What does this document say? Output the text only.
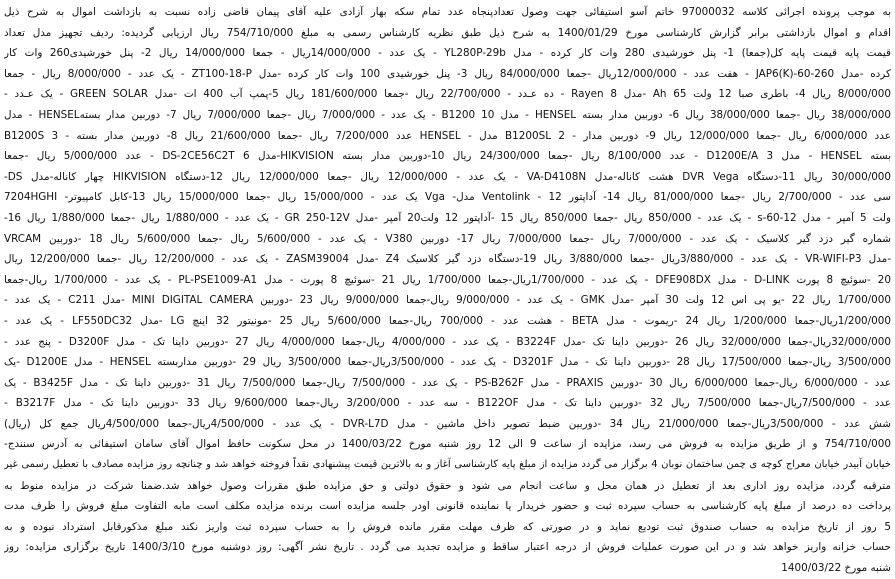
به موجب پرونده اجرائی کلاسه 97000032 خاتم آسو استیفائی جهت وصول تعدادپنجاه عدد تمام سکه بهار آزادی علیه آقای پیمان قاضی زاده نسبت به بازداشت اموال به شرح ذیل
اقدام و اموال بازداشتی برابر گزارش کارشناسی مورخ 1400/01/29 به شرح ذیل طبق نظریه کارشناس رسمی به مبلغ 754/710/000 ریال ارزیابی گردیده: ردیف تجهیز مدل تعداد
قیمت پایه قیمت پایه کل(جمعا) 1- پنل خورشیدی 280 وات کار کرده - مدل YL280P-29b - یک عدد - 14/000/000ریال - جمعا 14/000/000 ریال 2- پنل خورشیدی260 وات کار
کرده -مدل JAP6(K)-60-260 - هفت عدد - 12/000/000ریال -جمعا 84/000/000 ریال 3- پنل خورشیدی 100 وات کار کرده -مدل ZT100-18-P - یک عدد - 8/000/000 ریال - جمعا
8/000/000 ریال 4- باطری صبا 12 ولت 65 Ah -مدل Rayen 8 - ده عـدد - 22/700/000 ریال -جمعا 181/600/000 ریال 5-پمپ آب 400 ات -مدل GREEN SOLAR - یک عـدد -
38/000/000 ریال -جمعا 38/000/000 ریال 6- دوربین مدار بسته HENSEL - مدل B1200 10 - یک عدد - 7/000/000 ریال -جمعا 7/000/000 ریال 7- دوربین مدار بستهHENSEL - مدل
B1200S 3 - عدد 7/200/000 ریال -جمعا 21/600/000 ریال 8- دوربین مدار بسته HENSEL - مدل B1200SL 2 - عدد 6/000/000 ریال -جمعا 12/000/000 ریال 9- دوربین مدار
بسته HENSEL - مدل D1200E/A 3 - عدد 8/100/000 ریال -جمعا 24/300/000 ریال 10-دوربین مدار بسته HIKVISION-مدل DS-2CE56C2T 6 - عدد 5/000/000 ریال -جمعا
30/000/000 ریال 11-دستگاه DVR Vega هشت کاناله-مدل VA-D4108N - یک عدد - 12/000/000 ریال -جمعا 12/000/000 ریال 12-دستگاه HIKVISION چهار کاناله-مدل DS-
7204HGHI -یک عدد - 15/000/000 ریال -جمعا 15/000/000 ریال 13-کابل کامپیوتر Vga -مدل Ventolink - سی عدد - 2/700/000 ریال -جمعا 81/000/000 ریال 14- آداپتور 12
ولت 5 آمپر - مدل 12-60-s - یک عدد - 850/000 ریال -جمعا 850/000 ریال 15 -آداپتور 12 ولت20 آمپر -مدل GR 250-12V - یک عدد - 1/880/000 ریال -جمعا 1/880/000 ریال 16-
شماره گیر دزد گیر کلاسیک - یک عدد - 7/000/000 ریال -جمعا 7/000/000 ریال 17- دوربین V380 - یک عدد - 5/600/000 ریال -جمعا 5/600/000 ریال 18 -دوربین VRCAM
-مدل VR-WIFI-P3 - یک عدد - 3/880/000ریال -جمعا 3/880/000 ریال 19-دستگاه دزد گیر کلاسیک Z4 -مدل ZASM39004 - یک عدد - 12/200/000 ریال -جمعا 12/200/000 ریال
20 -سوئیچ 8 پورت D-LINK - مدل DFE908DX - یک عدد - 1/700/000ریال-جمعا 1/700/000 ریال 21 -سوئیچ 8 پورت - مدل PL-PSE1009-A1 - یک عدد - 1/700/000 ریال-جمعا
1/700/000 ریال 22 -یو پی اس 12 ولت 30 آمپر -مدل GMK - یک عدد - 9/000/000 ریال-جمعا 9/000/000 ریال 23 -دوربین MINI DIGITAL CAMERA -مدل C211 - یک عدد -
1/200/000ریال-جمعا 1/200/000 ریال 24 -ریموت - مدل BETA - هشت عدد - 700/000 ریال-جمعا 5/600/000 ریال 25 -مونیتور 32 اینچ LG -مدل LF550DC32 - یک عدد -
32/000/000ریال-جمعا 32/000/000 ریال 26 -دوربین داینا تک -مدل B3224F - یک عدد - 4/000/000 ریال-جمعا 4/000/000 ریال 27 -دوربین داینا تک - مدل D3200F - پنج عدد -
3/500/000 ریال-جمعا 17/500/000 ریال 28 -دوربین داینا تک - مدل D3201F - یک عدد - 3/500/000ریال-جمعا 3/500/000 ریال 29 -دوربین مداربسته HENSEL - مدل D1200E -یک
عدد - 6/000/000 ریال-جمعا 6/000/000 ریال 30 -دوربین PRAXIS - مدل PS-B262F - یک عدد - 7/500/000 ریال-جمعا 7/500/000 ریال 31 -دوربین داینا تک - مدل B3425F - یک
عدد - 7/500/000ریال-جمعا 7/500/000 ریال 32 -دوربین داینا تک - مدل B122OF - سه عدد - 3/200/000 ریال-جمعا 9/600/000 ریال 33 -دوربین داینا تک - مدل B3217F -
شش عدد - 3/500/000ریال-جمعا 21/000/000 ریال 34 -دوربین ضبط تصویر داخل ماشین - مدل DVR-L7D - یک عدد - 4/500/000ریال-جمعا 4/500/000ریال جمع کل (ریال)
754/710/000 و از طریق مزایده به فروش می رسد، مزایده از ساعت 9 الی 12 روز شنبه مورخ 1400/03/22 در محل سکونت حافظ اموال آقای سامان استیفائی به آدرس سنندج-
خیابان آبیدر خیابان معراج کوچه ی چمن ساختمان نوبان 4 برگزار می گردد مزایده از مبلغ پایه کارشناسی آغاز و به بالاترین قیمت پیشنهادی نقداً فروخته خواهد شد و چنانچه روز مزایده مصادف با تعطیل رسمی غیر
مترقبه گردد، مزایده روز اداری بعد از تعطیل در همان محل و ساعت انجام می شود و حقوق دولتی و حق مزایده طبق مقررات وصول خواهد شد.ضمنا شرکت در مزایده منوط به
پرداخت ده درصد از مبلغ پایه کارشناسی به حساب سپرده ثبت و حضور خریدار یا نماینده قانونی اودر جلسه مزایده است برنده مزایده مکلف است مابه التفاوت مبلغ فروش را ظرف مدت
5 روز از تاریخ مزایده به حساب صندوق ثبت تودیع نماید و در صورتی که ظرف مهلت مقرر مانده فروش را به حساب سپرده ثبت واریز نکند مبلغ مذکورقابل استرداد نبوده و به
حساب خزانه واریز خواهد شد و در این صورت عملیات فروش از درجه اعتبار ساقط و مزایده تجدید می گردد . تاریخ نشر آگهی: روز دوشنبه مورخ 1400/3/10 تاریخ برگزاری مزایده: روز
شنبه مورخ 1400/03/22
